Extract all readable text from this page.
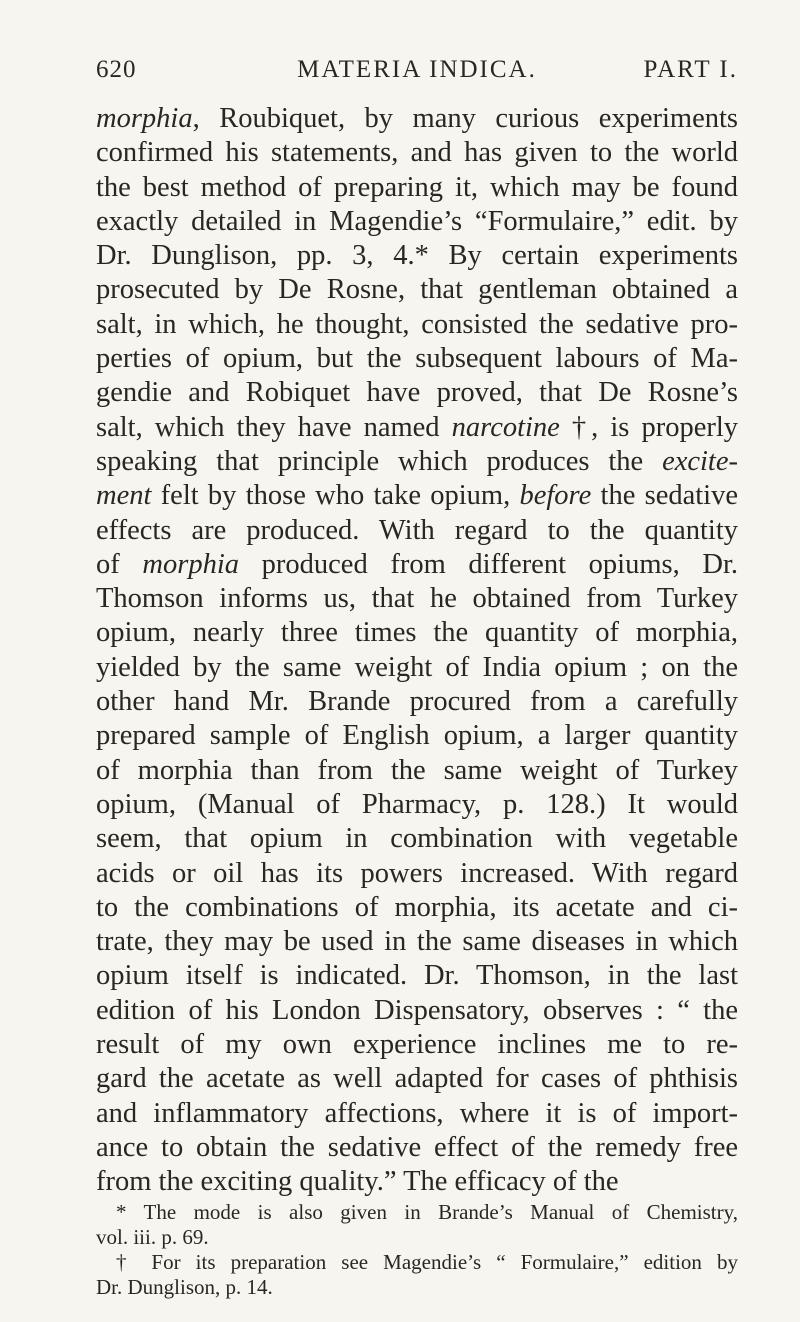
620	MATERIA INDICA.	PART I.
morphia, Roubiquet, by many curious experiments
confirmed his statements, and has given to the world
the best method of preparing it, which may be found
exactly detailed in Magendie’s “Formulaire,” edit. by
Dr. Dunglison, pp. 3, 4.* By certain experiments
prosecuted by De Rosne, that gentleman obtained a
salt, in which, he thought, consisted the sedative pro-
perties of opium, but the subsequent labours of Ma-
gendie and Robiquet have proved, that De Rosne’s
salt, which they have named narcotine †, is properly
speaking that principle which produces the excite-
ment felt by those who take opium, before the sedative
effects are produced. With regard to the quantity
of morphia produced from different opiums, Dr.
Thomson informs us, that he obtained from Turkey
opium, nearly three times the quantity of morphia,
yielded by the same weight of India opium ; on the
other hand Mr. Brande procured from a carefully
prepared sample of English opium, a larger quantity
of morphia than from the same weight of Turkey
opium, (Manual of Pharmacy, p. 128.) It would
seem, that opium in combination with vegetable
acids or oil has its powers increased. With regard
to the combinations of morphia, its acetate and ci-
trate, they may be used in the same diseases in which
opium itself is indicated. Dr. Thomson, in the last
edition of his London Dispensatory, observes : “ the
result of my own experience inclines me to re-
gard the acetate as well adapted for cases of phthisis
and inflammatory affections, where it is of import-
ance to obtain the sedative effect of the remedy free
from the exciting quality.” The efficacy of the
* The mode is also given in Brande’s Manual of Chemistry,
vol. iii. p. 69.
† For its preparation see Magendie’s “ Formulaire,” edition by
Dr. Dunglison, p. 14.
